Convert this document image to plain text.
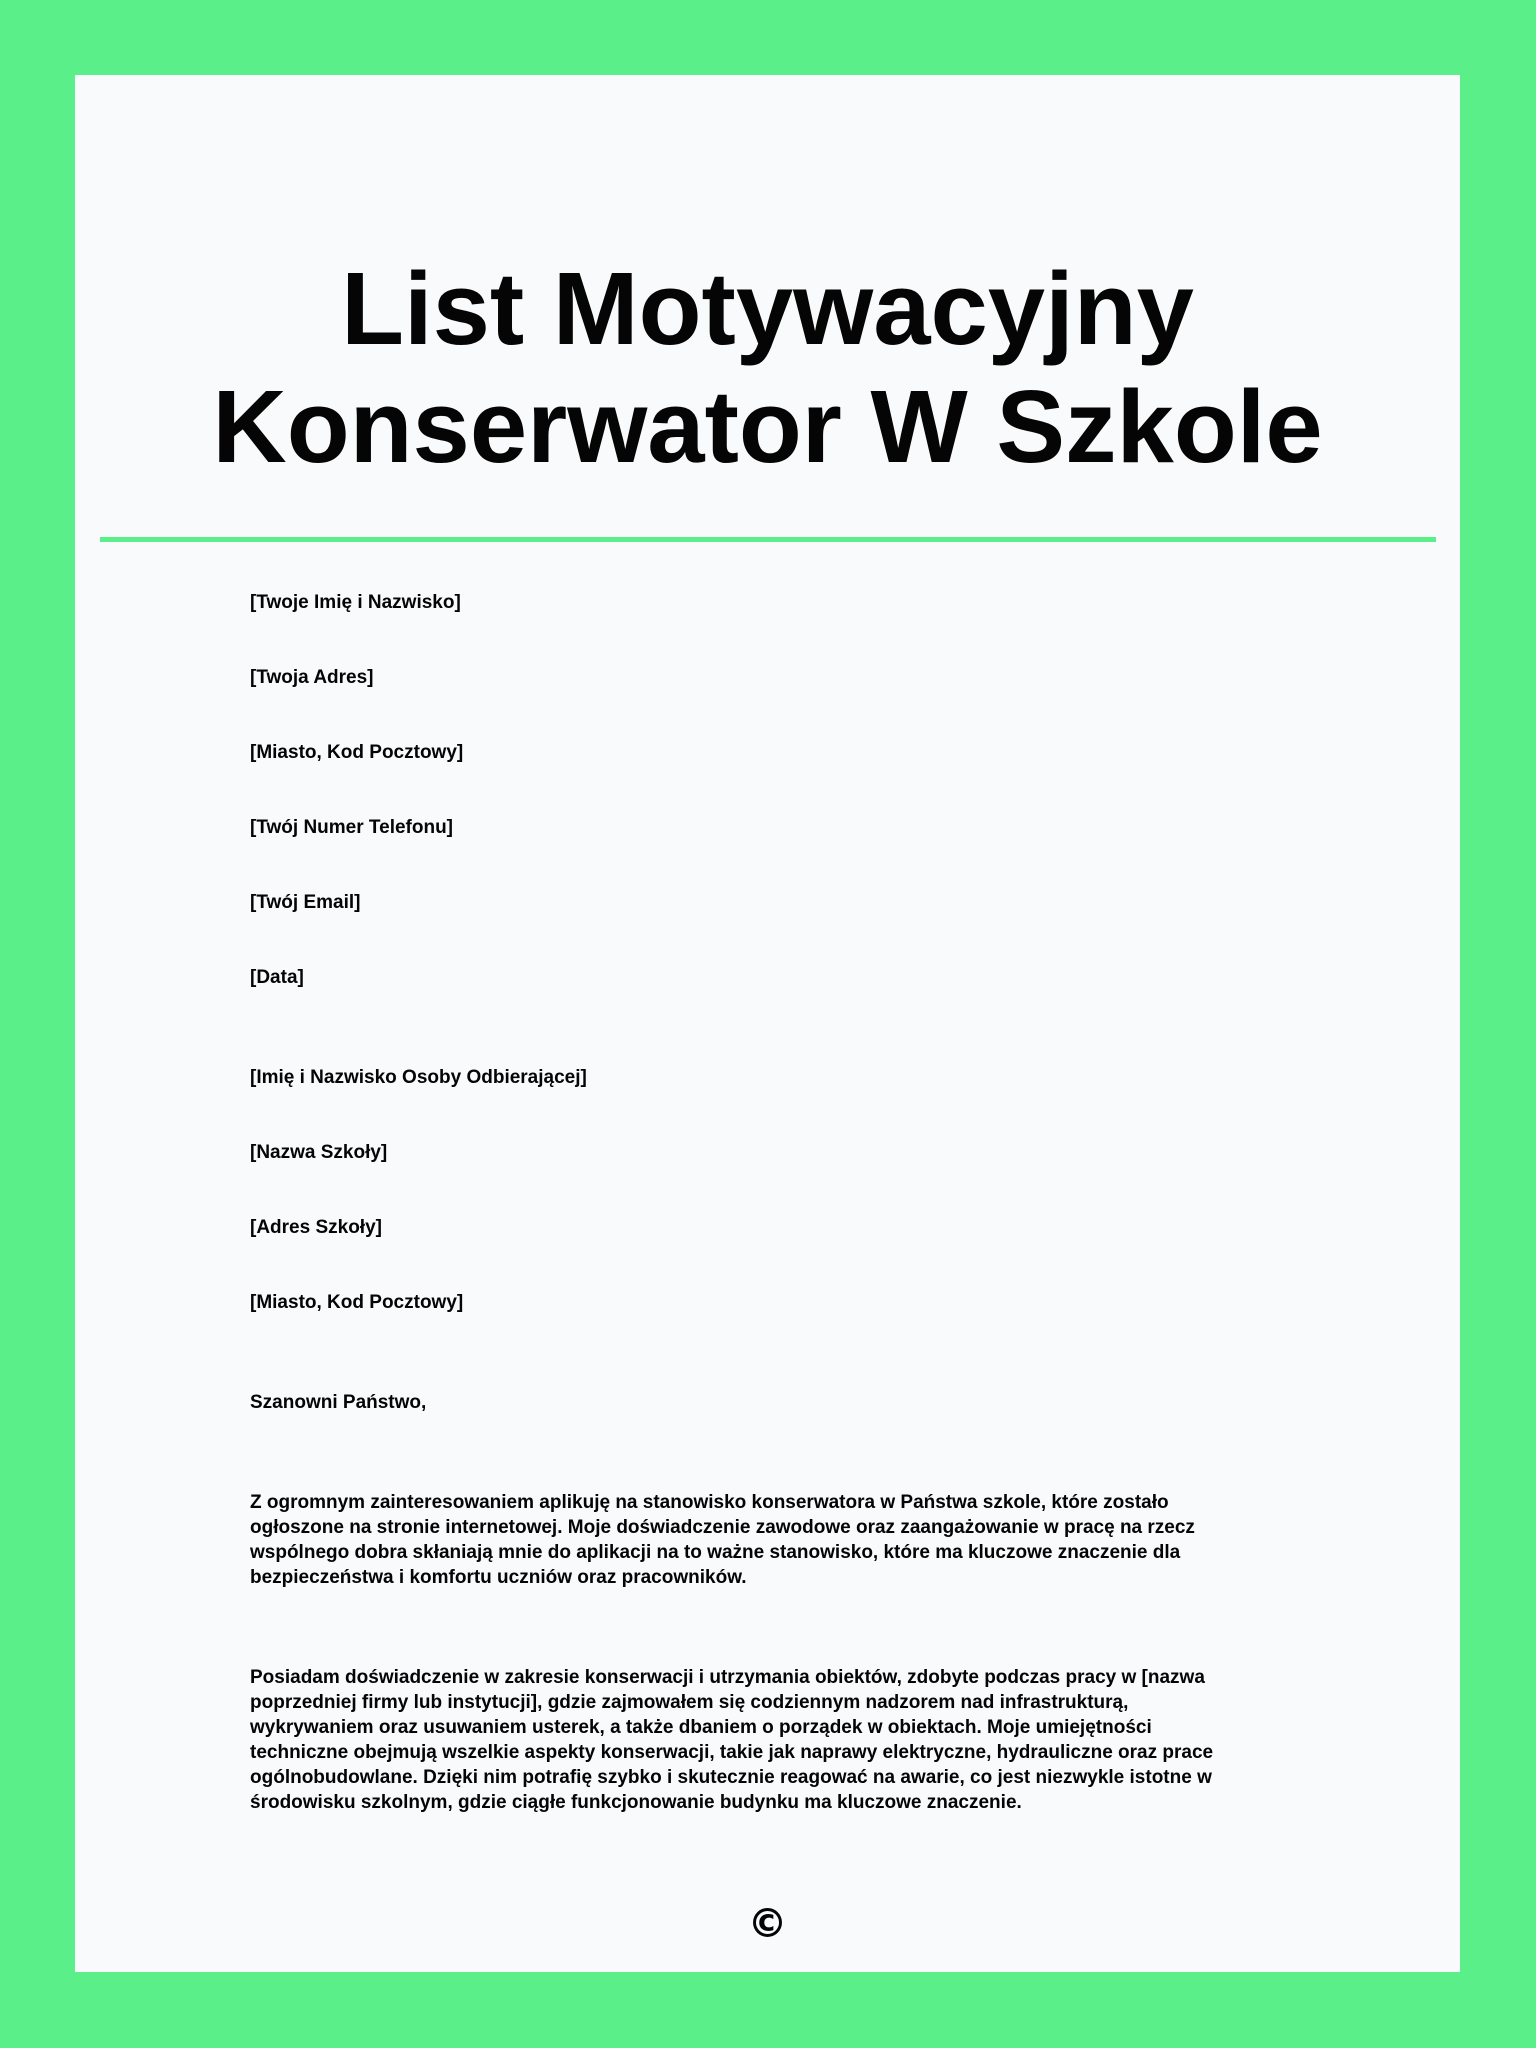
List Motywacyjny
Konserwator W Szkole
[Twoje Imię i Nazwisko]
[Twoja Adres]
[Miasto, Kod Pocztowy]
[Twój Numer Telefonu]
[Twój Email]
[Data]
[Imię i Nazwisko Osoby Odbierającej]
[Nazwa Szkoły]
[Adres Szkoły]
[Miasto, Kod Pocztowy]
Szanowni Państwo,
Z ogromnym zainteresowaniem aplikuję na stanowisko konserwatora w Państwa szkole, które zostało
ogłoszone na stronie internetowej. Moje doświadczenie zawodowe oraz zaangażowanie w pracę na rzecz
wspólnego dobra skłaniają mnie do aplikacji na to ważne stanowisko, które ma kluczowe znaczenie dla
bezpieczeństwa i komfortu uczniów oraz pracowników.
Posiadam doświadczenie w zakresie konserwacji i utrzymania obiektów, zdobyte podczas pracy w [nazwa
poprzedniej firmy lub instytucji], gdzie zajmowałem się codziennym nadzorem nad infrastrukturą,
wykrywaniem oraz usuwaniem usterek, a także dbaniem o porządek w obiektach. Moje umiejętności
techniczne obejmują wszelkie aspekty konserwacji, takie jak naprawy elektryczne, hydrauliczne oraz prace
ogólnobudowlane. Dzięki nim potrafię szybko i skutecznie reagować na awarie, co jest niezwykle istotne w
środowisku szkolnym, gdzie ciągłe funkcjonowanie budynku ma kluczowe znaczenie.
©
